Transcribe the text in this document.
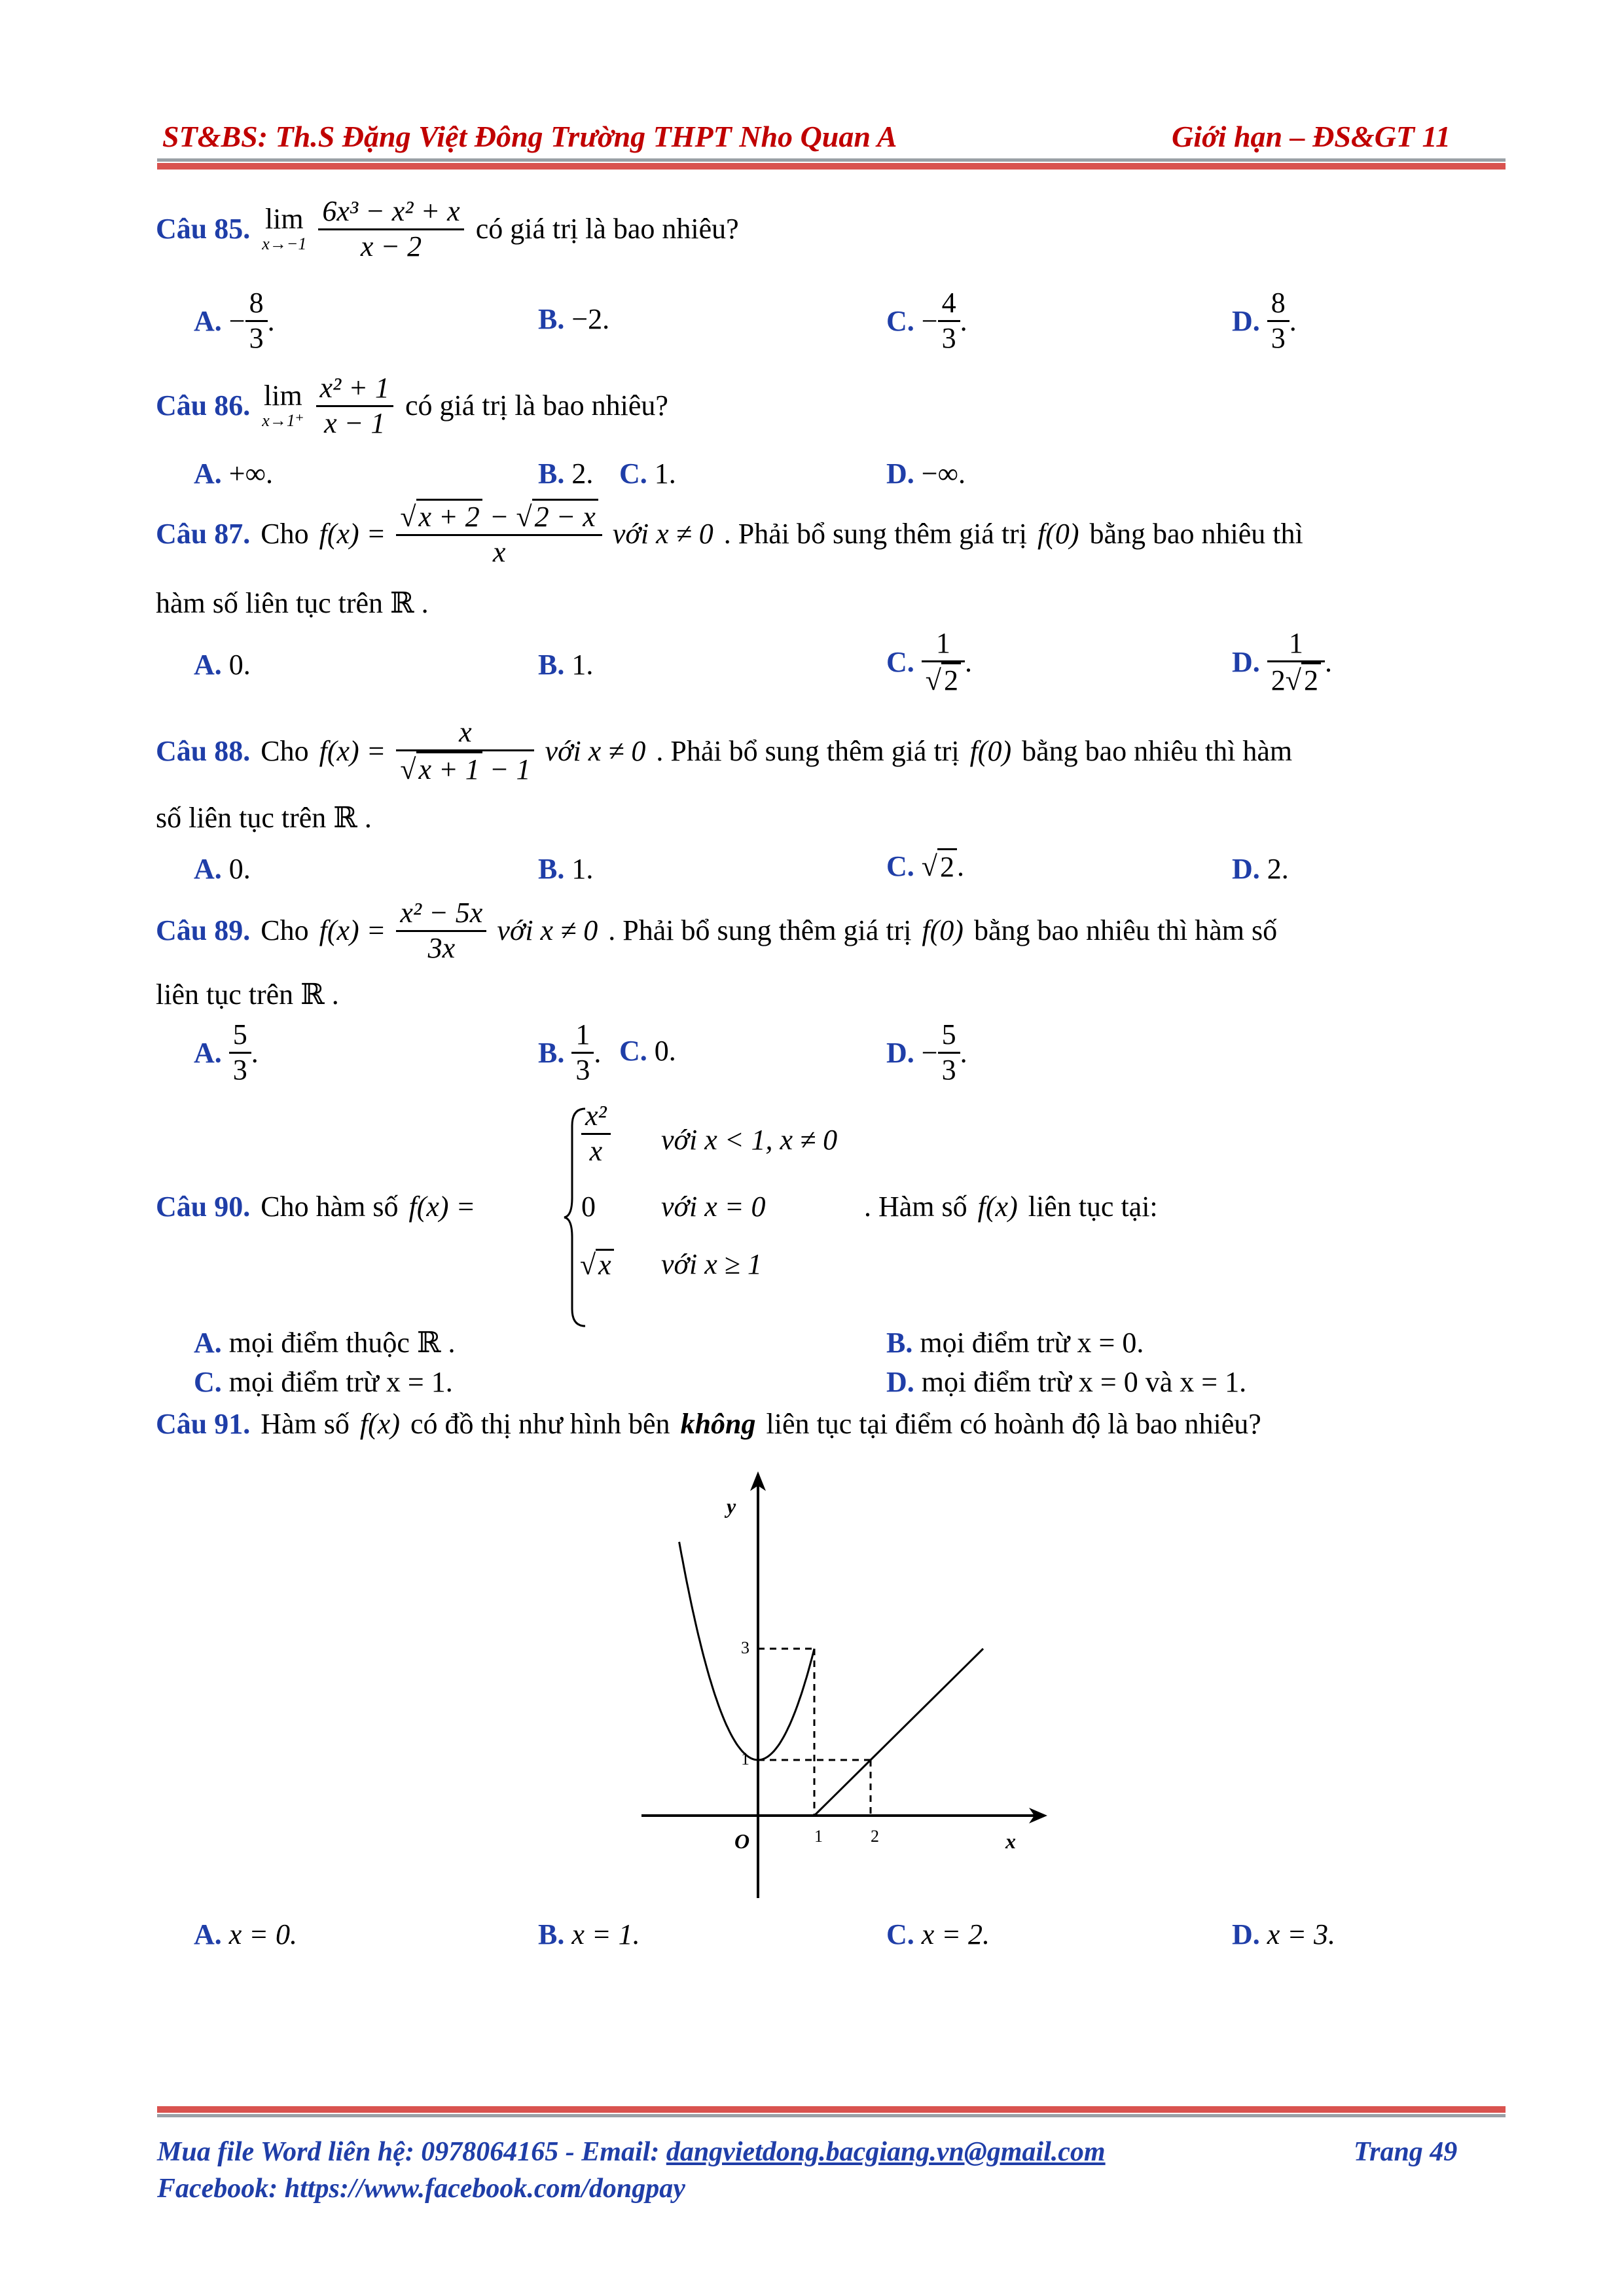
ST&BS: Th.S Đặng Việt Đông Trường THPT Nho Quan A	Giới hạn – ĐS&GT 11
Câu 85. lim
$x\to-1 \frac{\text{6x³ − x² + x}}{x - 2}$ có giá trị là bao nhiêu?
A.
− $\frac{8}{3}$ .	B.
−2.	C.
− $\frac{4}{3}$ .	D.
$\frac{8}{3}$ .
Câu 86. lim
$x\to 1^+ \frac{\text{x² + 1}}{x - 1}$ có giá trị là bao nhiêu?
A.
+∞.	B.
2. C.
1.	D.
−∞.
Câu 87. Cho $f(x) = \frac{√x + 2 - √2 - x}{x}$ với x ≠ 0 . Phải bổ sung thêm giá trị f(0) bằng bao nhiêu thì
hàm số liên tục trên ℝ .
A.
0.	B.
1.	C.
$\frac{1}{√2}$ .	D.
$\frac{1}{2√2}$ .
Câu 88. Cho $f(x) = \frac{x}{√x + 1 - 1}$ với x ≠ 0 . Phải bổ sung thêm giá trị f(0) bằng bao nhiêu thì hàm
số liên tục trên ℝ .
A.
0.	B.
1.	C. √ 2 .	D.
2.
Câu 89. Cho $f(x) = \frac{\text{x² − 5x}}{3x}$ với x ≠ 0 . Phải bổ sung thêm giá trị f(0) bằng bao nhiêu thì hàm số
liên tục trên ℝ .
A.
$\frac{5}{3}$ .	B.
$\frac{1}{3}$ . C.
0.	D.
− $\frac{5}{3}$ .
Câu 90. Cho hàm số f(x) =
$\frac{\text{x²}}{x}$ với x < 1, x ≠ 0
0 với x = 0
√x với x ≥ 1
. Hàm số f(x) liên tục tại:
A.
mọi điểm thuộc ℝ .	B.
mọi điểm trừ x = 0.
C.
mọi điểm trừ x = 1.	D.
mọi điểm trừ x = 0 và x = 1.
Câu 91. Hàm số f(x) có đồ thị như hình bên không liên tục tại điểm có hoành độ là bao nhiêu?
y
x
O
3
1
1	2
A.
x = 0.	B.
x = 1.	C.
x = 2.	D.
x = 3.
Mua file Word liên hệ: 0978064165 - Email: dangvietdong.bacgiang.vn@gmail.com	Trang 49
Facebook: https://www.facebook.com/dongpay
